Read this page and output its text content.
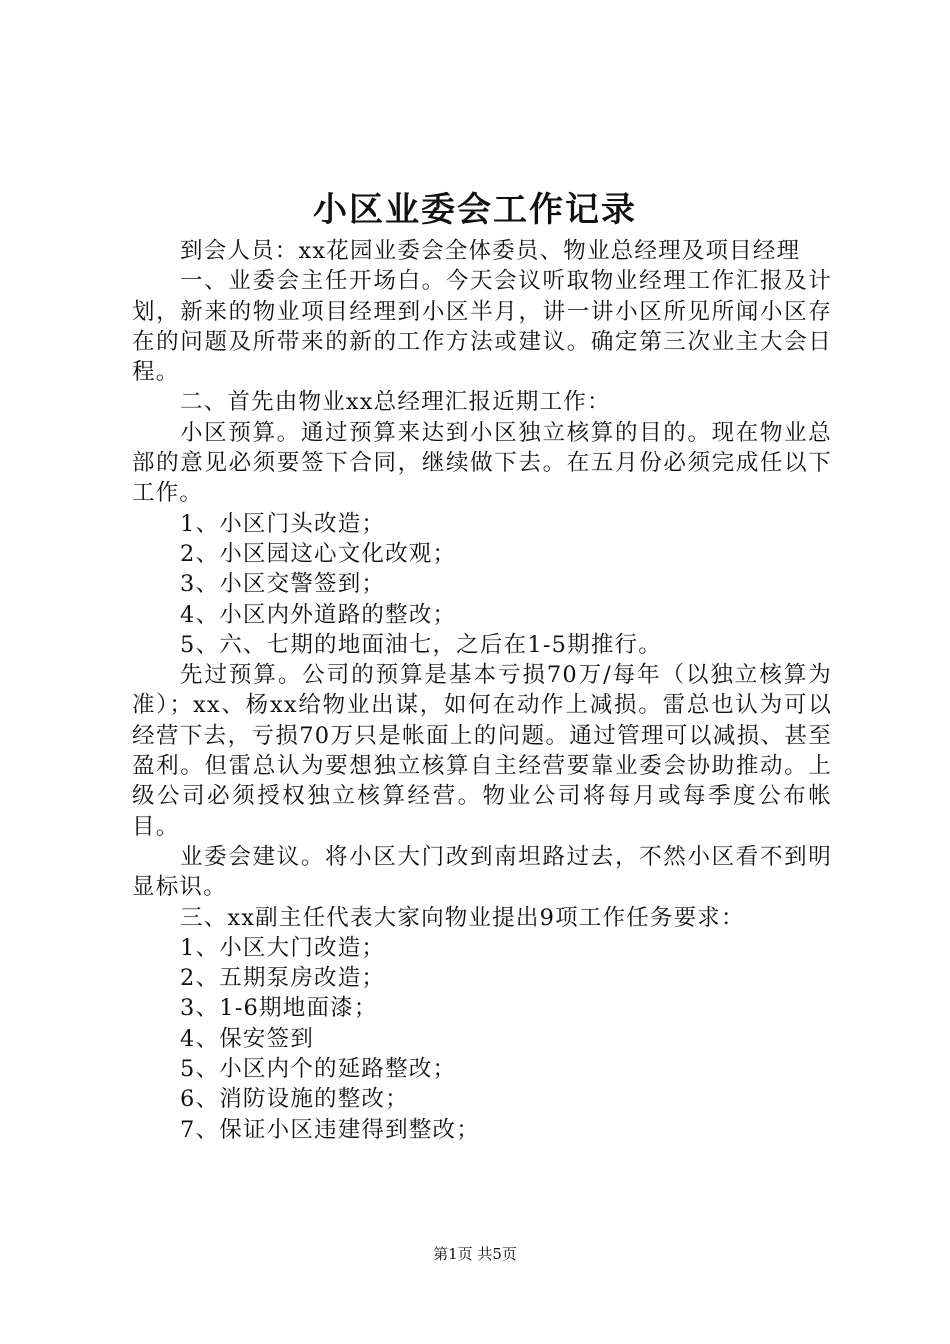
小区业委会工作记录

到会人员：xx花园业委会全体委员、物业总经理及项目经理

一、业委会主任开场白。今天会议听取物业经理工作汇报及计划，新来的物业项目经理到小区半月，讲一讲小区所见所闻小区存在的问题及所带来的新的工作方法或建议。确定第三次业主大会日程。

二、首先由物业xx总经理汇报近期工作：

小区预算。通过预算来达到小区独立核算的目的。现在物业总部的意见必须要签下合同，继续做下去。在五月份必须完成任以下工作。

1、小区门头改造；

2、小区园这心文化改观；

3、小区交警签到；

4、小区内外道路的整改；

5、六、七期的地面油七，之后在1-5期推行。

先过预算。公司的预算是基本亏损70万/每年（以独立核算为准）；xx、杨xx给物业出谋，如何在动作上减损。雷总也认为可以经营下去，亏损70万只是帐面上的问题。通过管理可以减损、甚至盈利。但雷总认为要想独立核算自主经营要靠业委会协助推动。上级公司必须授权独立核算经营。物业公司将每月或每季度公布帐目。

业委会建议。将小区大门改到南坦路过去，不然小区看不到明显标识。

三、xx副主任代表大家向物业提出9项工作任务要求：

1、小区大门改造；

2、五期泵房改造；

3、1-6期地面漆；

4、保安签到

5、小区内个的延路整改；

6、消防设施的整改；

7、保证小区违建得到整改；

第1页 共5页
